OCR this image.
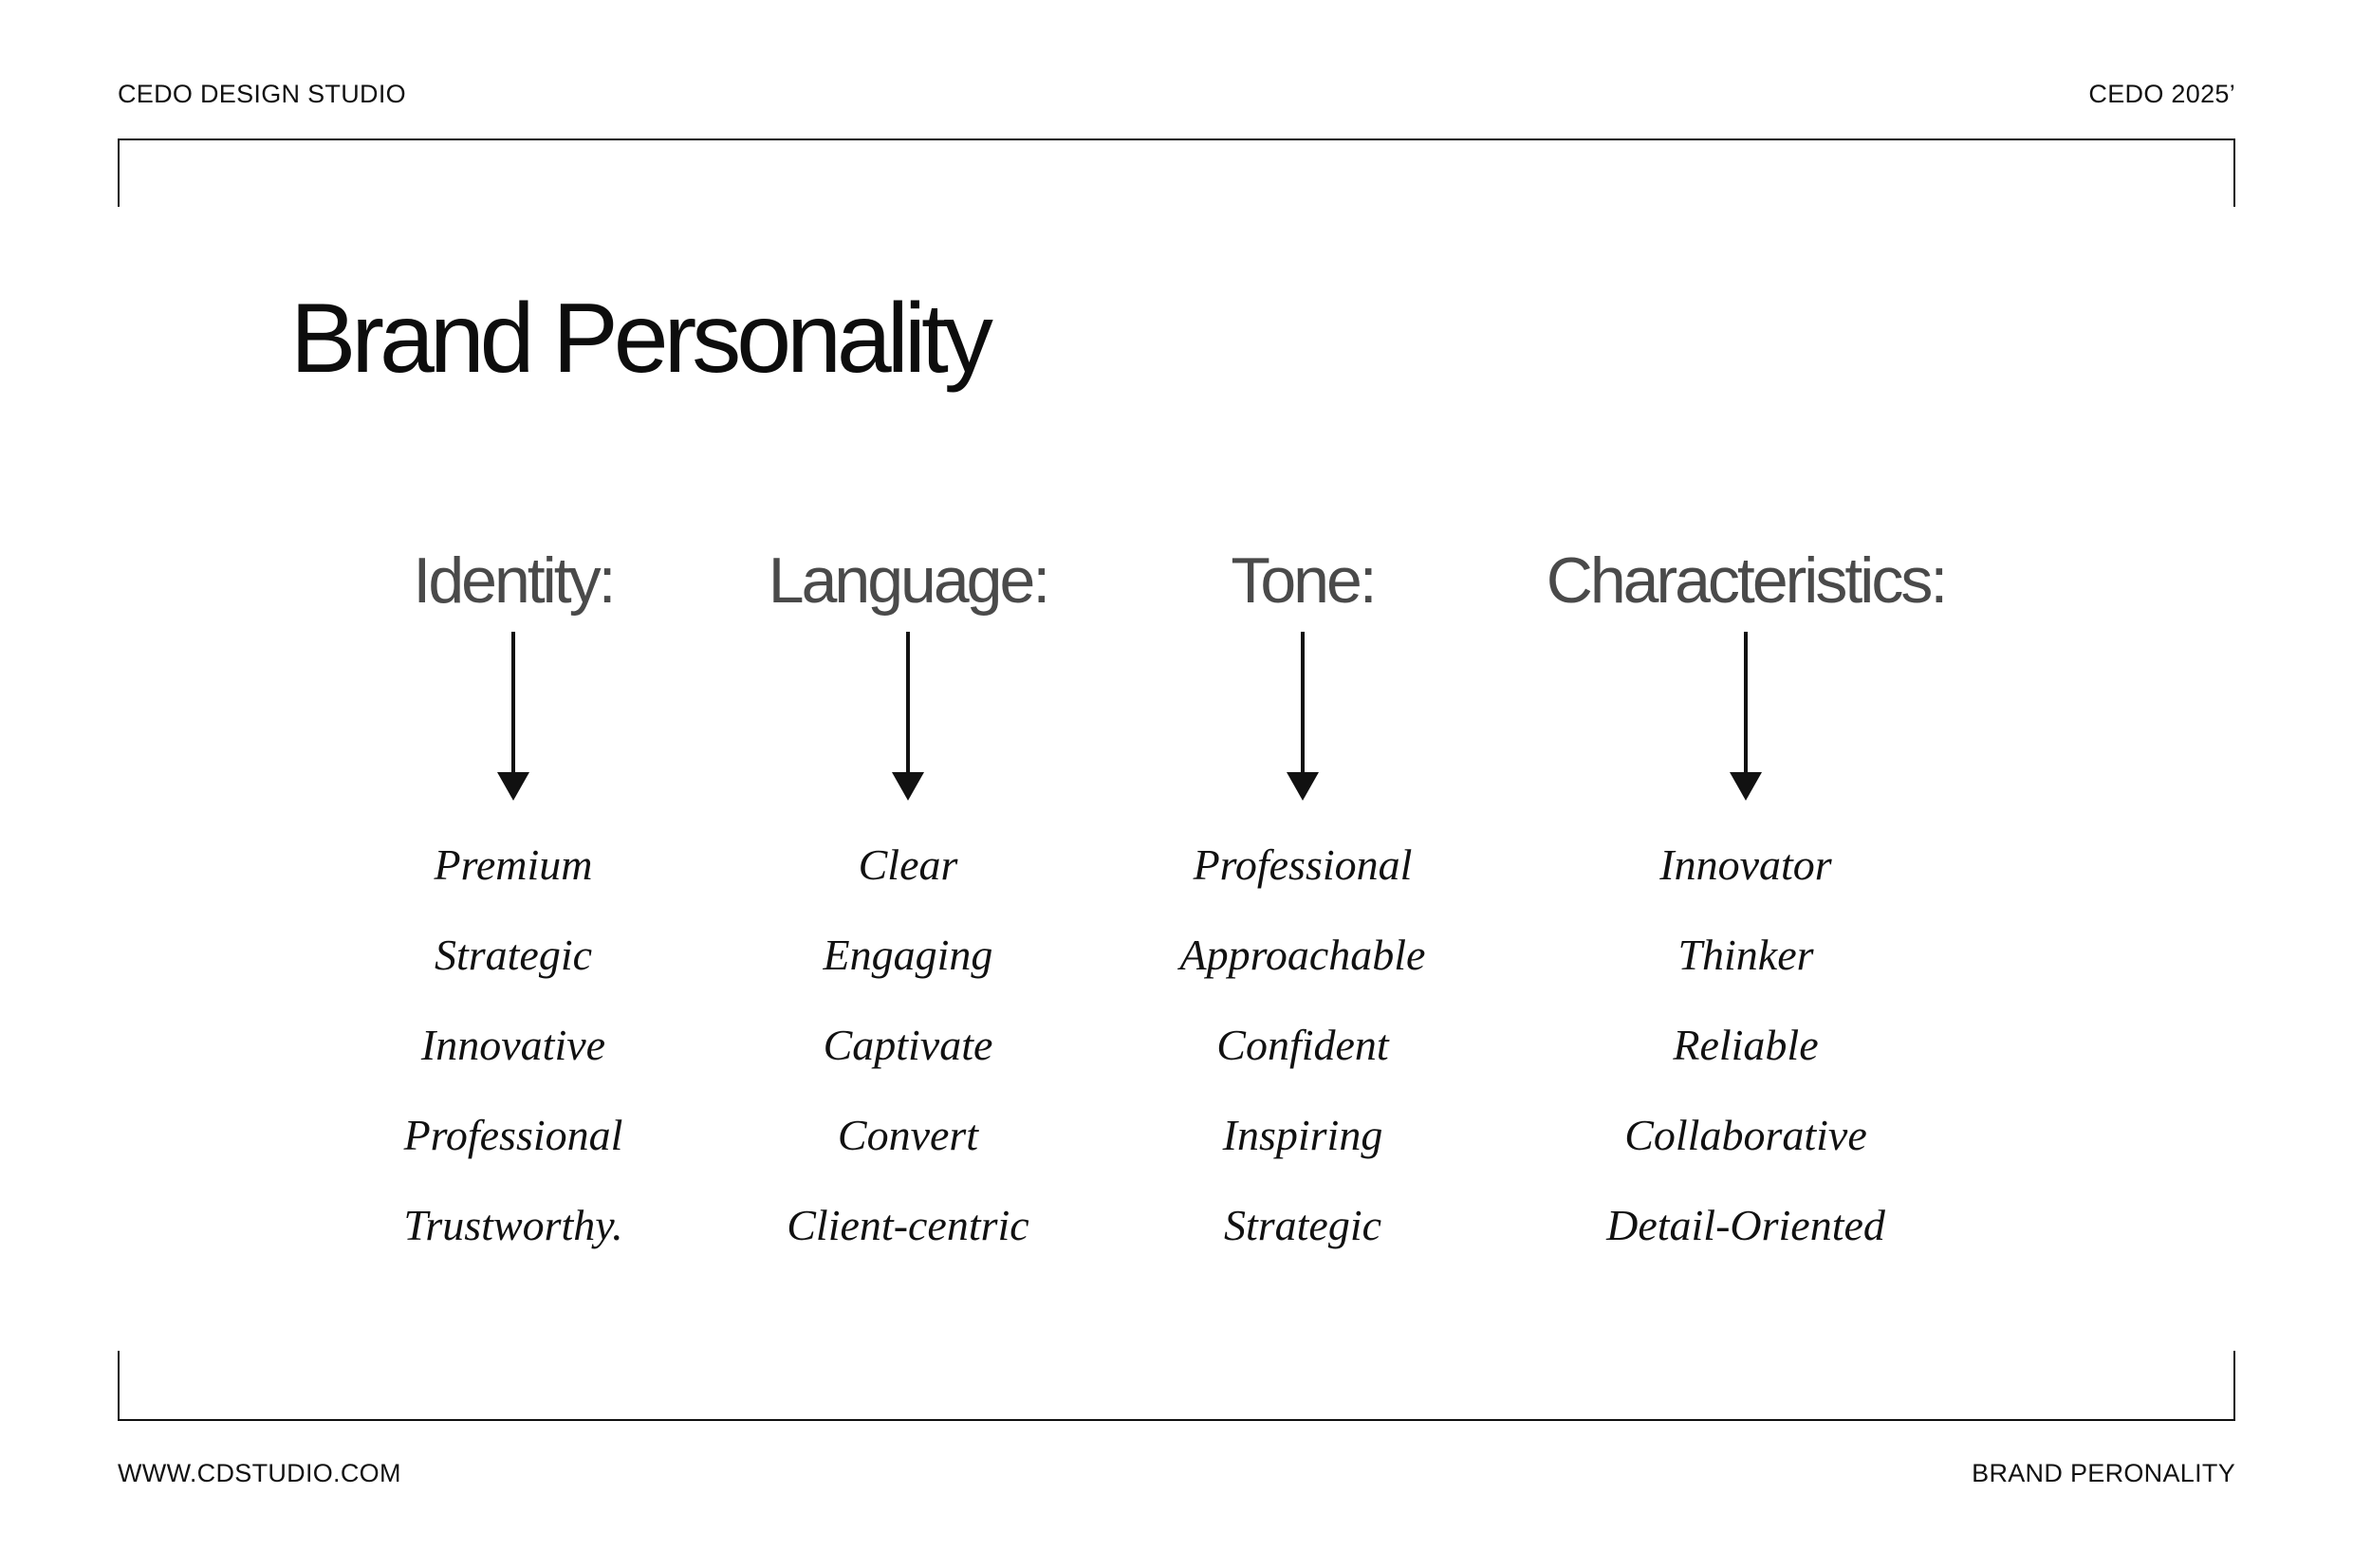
CEDO DESIGN STUDIO	CEDO 2025’
Brand Personality
Identity:
Premium
Strategic
Innovative
Professional
Trustworthy.
Language:
Clear
Engaging
Captivate
Convert
Client-centric
Tone:
Professional
Approachable
Confident
Inspiring
Strategic
Characteristics:
Innovator
Thinker
Reliable
Collaborative
Detail-Oriented
WWW.CDSTUDIO.COM	BRAND PERONALITY
